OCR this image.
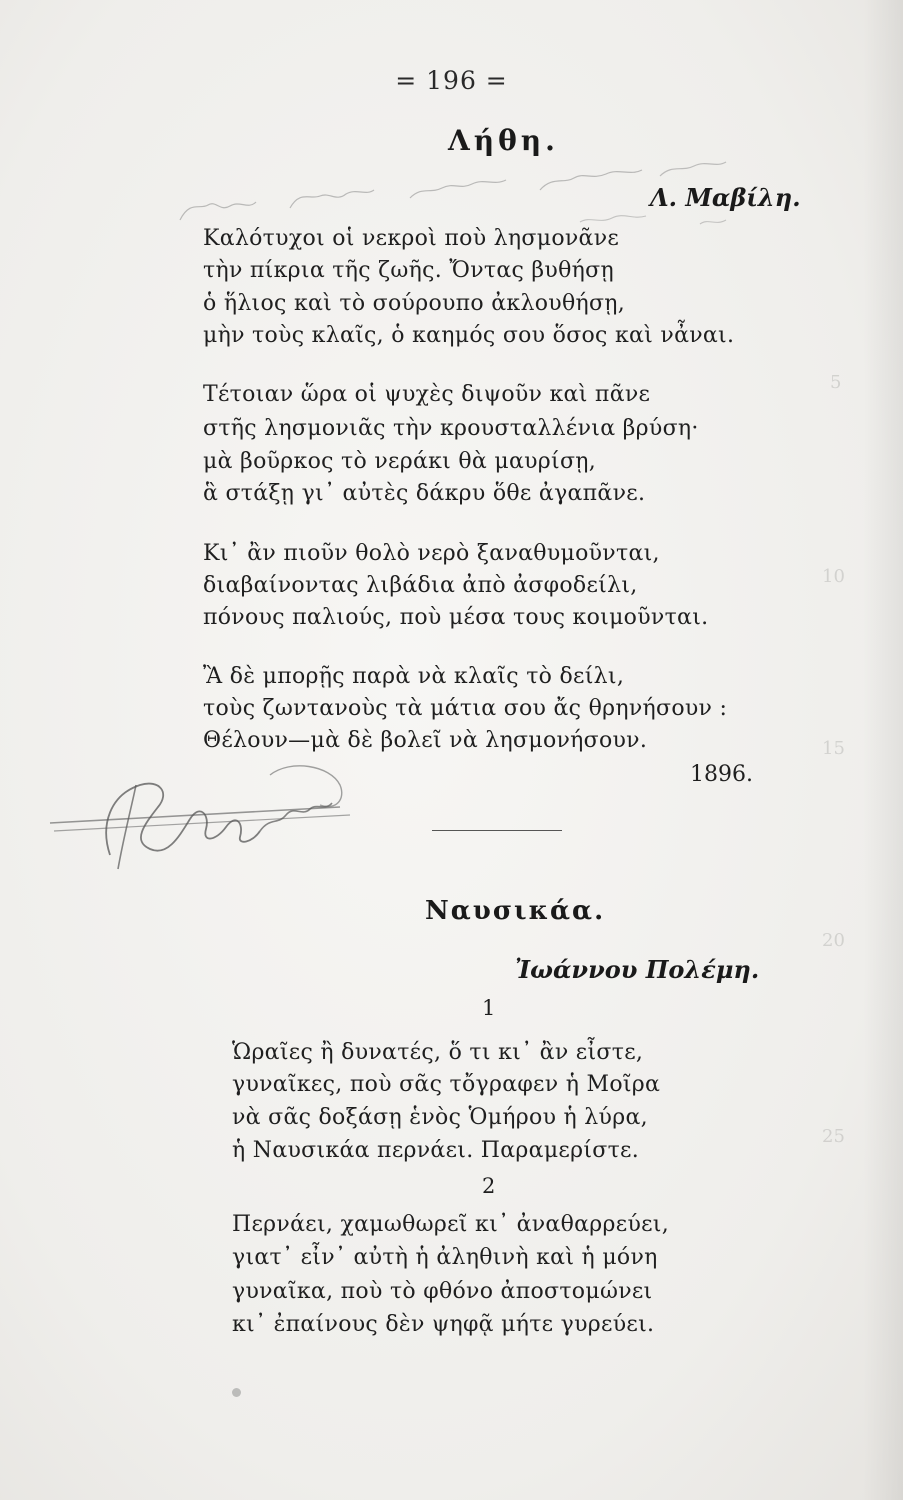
5
10
15
20
25
= 196 =
Λήθη.
Λ. Μαβίλη.
Καλότυχοι οἱ νεκροὶ ποὺ λησμονᾶνε
τὴν πίκρια τῆς ζωῆς. Ὄντας βυθήσῃ
ὁ ἥλιος καὶ τὸ σούρουπο ἀκλουθήσῃ,
μὴν τοὺς κλαῖς, ὁ καημός σου ὅσος καὶ νἆναι.
Τέτοιαν ὥρα οἱ ψυχὲς διψοῦν καὶ πᾶνε
στῆς λησμονιᾶς τὴν κρουσταλλένια βρύση·
μὰ βοῦρκος τὸ νεράκι θὰ μαυρίσῃ,
ἃ στάξῃ γι᾽ αὐτὲς δάκρυ ὅθε ἀγαπᾶνε.
Κι᾽ ἂν πιοῦν θολὸ νερὸ ξαναθυμοῦνται,
διαβαίνοντας λιβάδια ἀπὸ ἀσφοδείλι,
πόνους παλιούς, ποὺ μέσα τους κοιμοῦνται.
Ἂ δὲ μπορῇς παρὰ νὰ κλαῖς τὸ δείλι,
τοὺς ζωντανοὺς τὰ μάτια σου ἄς θρηνήσουν :
Θέλουν—μὰ δὲ βολεῖ νὰ λησμονήσουν.
1896.
Ναυσικάα.
Ἰωάννου Πολέμη.
1
Ὡραῖες ἢ δυνατές, ὅ τι κι᾽ ἂν εἶστε,
γυναῖκες, ποὺ σᾶς τὄγραφεν ἡ Μοῖρα
νὰ σᾶς δοξάσῃ ἑνὸς Ὁμήρου ἡ λύρα,
ἡ Ναυσικάα περνάει. Παραμερίστε.
2
Περνάει, χαμωθωρεῖ κι᾽ ἀναθαρρεύει,
γιατ᾽ εἶν᾽ αὐτὴ ἡ ἀληθινὴ καὶ ἡ μόνη
γυναῖκα, ποὺ τὸ φθόνο ἀποστομώνει
κι᾽ ἐπαίνους δὲν ψηφᾷ μήτε γυρεύει.
